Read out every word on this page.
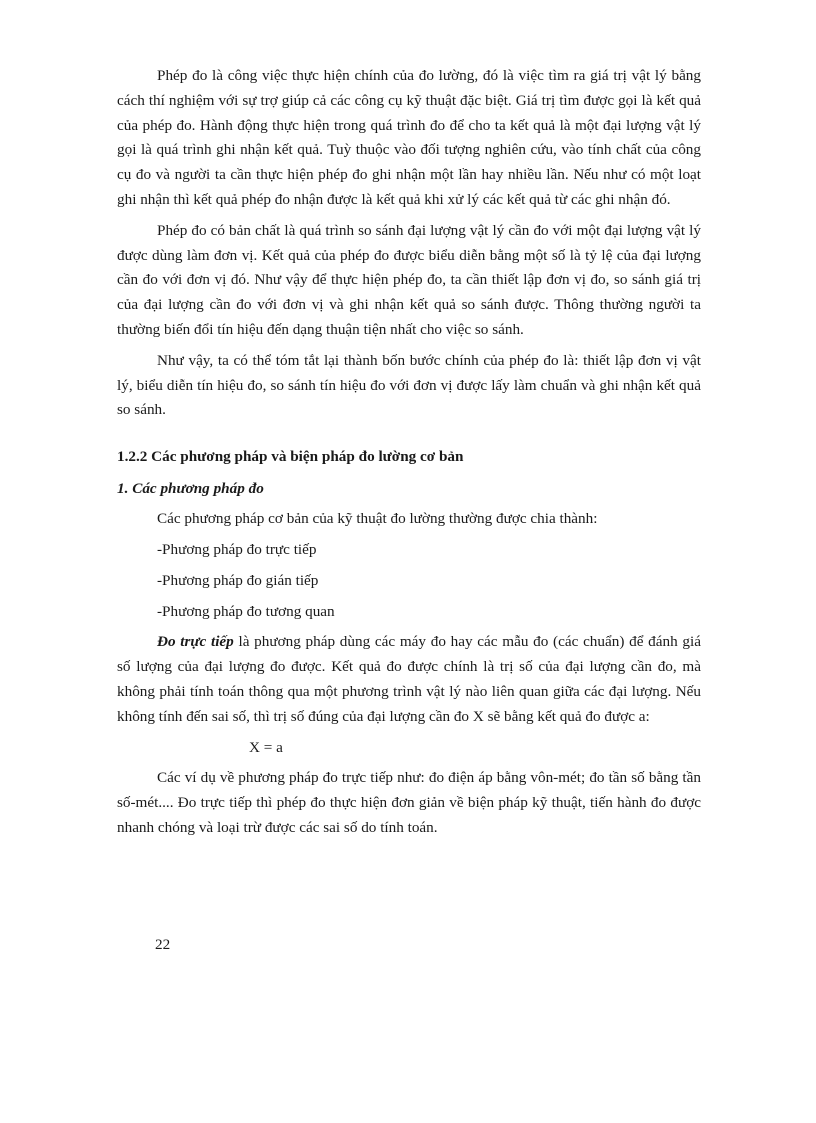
Phép đo là công việc thực hiện chính của đo lường, đó là việc tìm ra giá trị vật lý bằng cách thí nghiệm với sự trợ giúp cả các công cụ kỹ thuật đặc biệt. Giá trị tìm được gọi là kết quả của phép đo. Hành động thực hiện trong quá trình đo để cho ta kết quả là một đại lượng vật lý gọi là quá trình ghi nhận kết quả. Tuỳ thuộc vào đối tượng nghiên cứu, vào tính chất của công cụ đo và người ta cần thực hiện phép đo ghi nhận một lần hay nhiều lần. Nếu như có một loạt ghi nhận thì kết quả phép đo nhận được là kết quả khi xử lý các kết quả từ các ghi nhận đó.

Phép đo có bản chất là quá trình so sánh đại lượng vật lý cần đo với một đại lượng vật lý được dùng làm đơn vị. Kết quả của phép đo được biểu diễn bằng một số là tỷ lệ của đại lượng cần đo với đơn vị đó. Như vậy để thực hiện phép đo, ta cần thiết lập đơn vị đo, so sánh giá trị của đại lượng cần đo với đơn vị và ghi nhận kết quả so sánh được. Thông thường người ta thường biến đổi tín hiệu đến dạng thuận tiện nhất cho việc so sánh.

Như vậy, ta có thể tóm tắt lại thành bốn bước chính của phép đo là: thiết lập đơn vị vật lý, biểu diễn tín hiệu đo, so sánh tín hiệu đo với đơn vị được lấy làm chuẩn và ghi nhận kết quả so sánh.

1.2.2 Các phương pháp và biện pháp đo lường cơ bản

1. Các phương pháp đo

Các phương pháp cơ bản của kỹ thuật đo lường thường được chia thành:

-Phương pháp đo trực tiếp

-Phương pháp đo gián tiếp

-Phương pháp đo tương quan

Đo trực tiếp là phương pháp dùng các máy đo hay các mẫu đo (các chuẩn) để đánh giá số lượng của đại lượng đo được. Kết quả đo được chính là trị số của đại lượng cần đo, mà không phải tính toán thông qua một phương trình vật lý nào liên quan giữa các đại lượng. Nếu không tính đến sai số, thì trị số đúng của đại lượng cần đo X sẽ bằng kết quả đo được a:

X = a

Các ví dụ về phương pháp đo trực tiếp như: đo điện áp bằng vôn-mét; đo tần số bằng tần số-mét.... Đo trực tiếp thì phép đo thực hiện đơn giản về biện pháp kỹ thuật, tiến hành đo được nhanh chóng và loại trừ được các sai số do tính toán.

22
